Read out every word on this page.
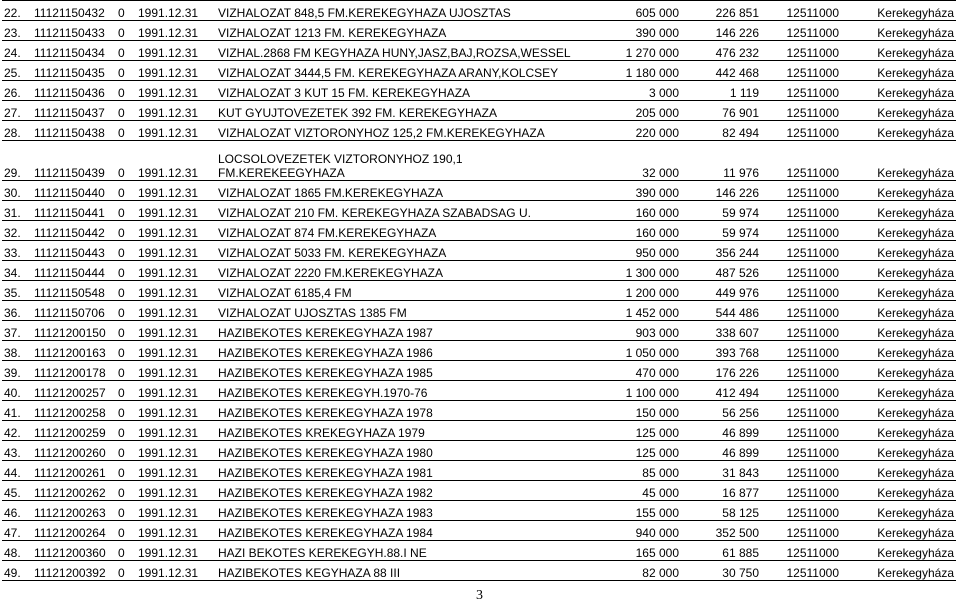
22.	11121150432	0	1991.12.31	VIZHALOZAT 848,5 FM.KEREKEGYHAZA UJOSZTAS	605 000	226 851	12511000	Kerekegyháza
23.	11121150433	0	1991.12.31	VIZHALOZAT 1213 FM. KEREKEGYHAZA	390 000	146 226	12511000	Kerekegyháza
24.	11121150434	0	1991.12.31	VIZHAL.2868 FM KEGYHAZA HUNY,JASZ,BAJ,ROZSA,WESSEL	1 270 000	476 232	12511000	Kerekegyháza
25.	11121150435	0	1991.12.31	VIZHALOZAT 3444,5 FM. KEREKEGYHAZA ARANY,KOLCSEY	1 180 000	442 468	12511000	Kerekegyháza
26.	11121150436	0	1991.12.31	VIZHALOZAT 3 KUT 15 FM. KEREKEGYHAZA	3 000	1 119	12511000	Kerekegyháza
27.	11121150437	0	1991.12.31	KUT GYUJTOVEZETEK 392 FM. KEREKEGYHAZA	205 000	76 901	12511000	Kerekegyháza
28.	11121150438	0	1991.12.31	VIZHALOZAT VIZTORONYHOZ 125,2 FM.KEREKEGYHAZA	220 000	82 494	12511000	Kerekegyháza
29.	11121150439	0	1991.12.31	LOCSOLOVEZETEK VIZTORONYHOZ 190,1
FM.KEREKEEGYHAZA	32 000	11 976	12511000	Kerekegyháza
30.	11121150440	0	1991.12.31	VIZHALOZAT 1865 FM.KEREKEGYHAZA	390 000	146 226	12511000	Kerekegyháza
31.	11121150441	0	1991.12.31	VIZHALOZAT 210 FM. KEREKEGYHAZA SZABADSAG U.	160 000	59 974	12511000	Kerekegyháza
32.	11121150442	0	1991.12.31	VIZHALOZAT 874 FM.KEREKEGYHAZA	160 000	59 974	12511000	Kerekegyháza
33.	11121150443	0	1991.12.31	VIZHALOZAT 5033 FM. KEREKEGYHAZA	950 000	356 244	12511000	Kerekegyháza
34.	11121150444	0	1991.12.31	VIZHALOZAT 2220 FM.KEREKEGYHAZA	1 300 000	487 526	12511000	Kerekegyháza
35.	11121150548	0	1991.12.31	VIZHALOZAT 6185,4 FM	1 200 000	449 976	12511000	Kerekegyháza
36.	11121150706	0	1991.12.31	VIZHALOZAT UJOSZTAS 1385 FM	1 452 000	544 486	12511000	Kerekegyháza
37.	11121200150	0	1991.12.31	HAZIBEKOTES KEREKEGYHAZA 1987	903 000	338 607	12511000	Kerekegyháza
38.	11121200163	0	1991.12.31	HAZIBEKOTES KEREKEGYHAZA 1986	1 050 000	393 768	12511000	Kerekegyháza
39.	11121200178	0	1991.12.31	HAZIBEKOTES KEREKEGYHAZA 1985	470 000	176 226	12511000	Kerekegyháza
40.	11121200257	0	1991.12.31	HAZIBEKOTES KEREKEGYH.1970-76	1 100 000	412 494	12511000	Kerekegyháza
41.	11121200258	0	1991.12.31	HAZIBEKOTES KEREKEGYHAZA 1978	150 000	56 256	12511000	Kerekegyháza
42.	11121200259	0	1991.12.31	HAZIBEKOTES KREKEGYHAZA 1979	125 000	46 899	12511000	Kerekegyháza
43.	11121200260	0	1991.12.31	HAZIBEKOTES KEREKEGYHAZA 1980	125 000	46 899	12511000	Kerekegyháza
44.	11121200261	0	1991.12.31	HAZIBEKOTES KEREKEGYHAZA 1981	85 000	31 843	12511000	Kerekegyháza
45.	11121200262	0	1991.12.31	HAZIBEKOTES KEREKEGYHAZA 1982	45 000	16 877	12511000	Kerekegyháza
46.	11121200263	0	1991.12.31	HAZIBEKOTES KEREKEGYHAZA 1983	155 000	58 125	12511000	Kerekegyháza
47.	11121200264	0	1991.12.31	HAZIBEKOTES KEREKEGYHAZA 1984	940 000	352 500	12511000	Kerekegyháza
48.	11121200360	0	1991.12.31	HAZI BEKOTES KEREKEGYH.88.I NE	165 000	61 885	12511000	Kerekegyháza
49.	11121200392	0	1991.12.31	HAZIBEKOTES KEGYHAZA 88 III	82 000	30 750	12511000	Kerekegyháza
3
